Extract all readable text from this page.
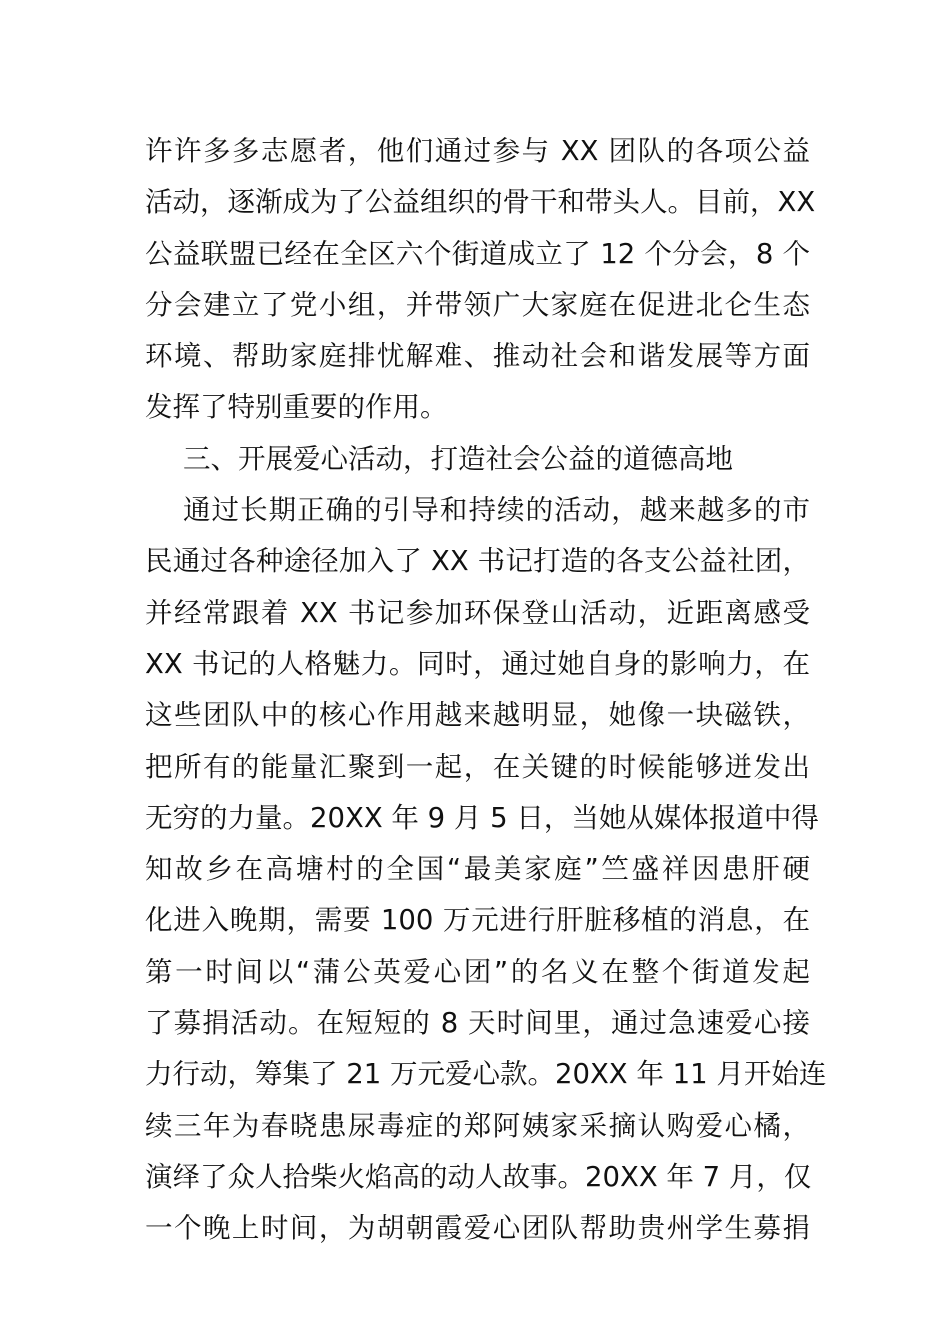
许许多多志愿者，他们通过参与 XX 团队的各项公益
活动，逐渐成为了公益组织的骨干和带头人。目前，XX
公益联盟已经在全区六个街道成立了 12 个分会，8 个
分会建立了党小组，并带领广大家庭在促进北仑生态
环境、帮助家庭排忧解难、推动社会和谐发展等方面
发挥了特别重要的作用。
三、开展爱心活动，打造社会公益的道德高地
通过长期正确的引导和持续的活动，越来越多的市
民通过各种途径加入了 XX 书记打造的各支公益社团，
并经常跟着 XX 书记参加环保登山活动，近距离感受
XX 书记的人格魅力。同时，通过她自身的影响力，在
这些团队中的核心作用越来越明显，她像一块磁铁，
把所有的能量汇聚到一起，在关键的时候能够迸发出
无穷的力量。20XX 年 9 月 5 日，当她从媒体报道中得
知故乡在高塘村的全国“最美家庭”竺盛祥因患肝硬
化进入晚期，需要 100 万元进行肝脏移植的消息，在
第一时间以“蒲公英爱心团”的名义在整个街道发起
了募捐活动。在短短的 8 天时间里，通过急速爱心接
力行动，筹集了 21 万元爱心款。20XX 年 11 月开始连
续三年为春晓患尿毒症的郑阿姨家采摘认购爱心橘，
演绎了众人拾柴火焰高的动人故事。20XX 年 7 月，仅
一个晚上时间，为胡朝霞爱心团队帮助贵州学生募捐
